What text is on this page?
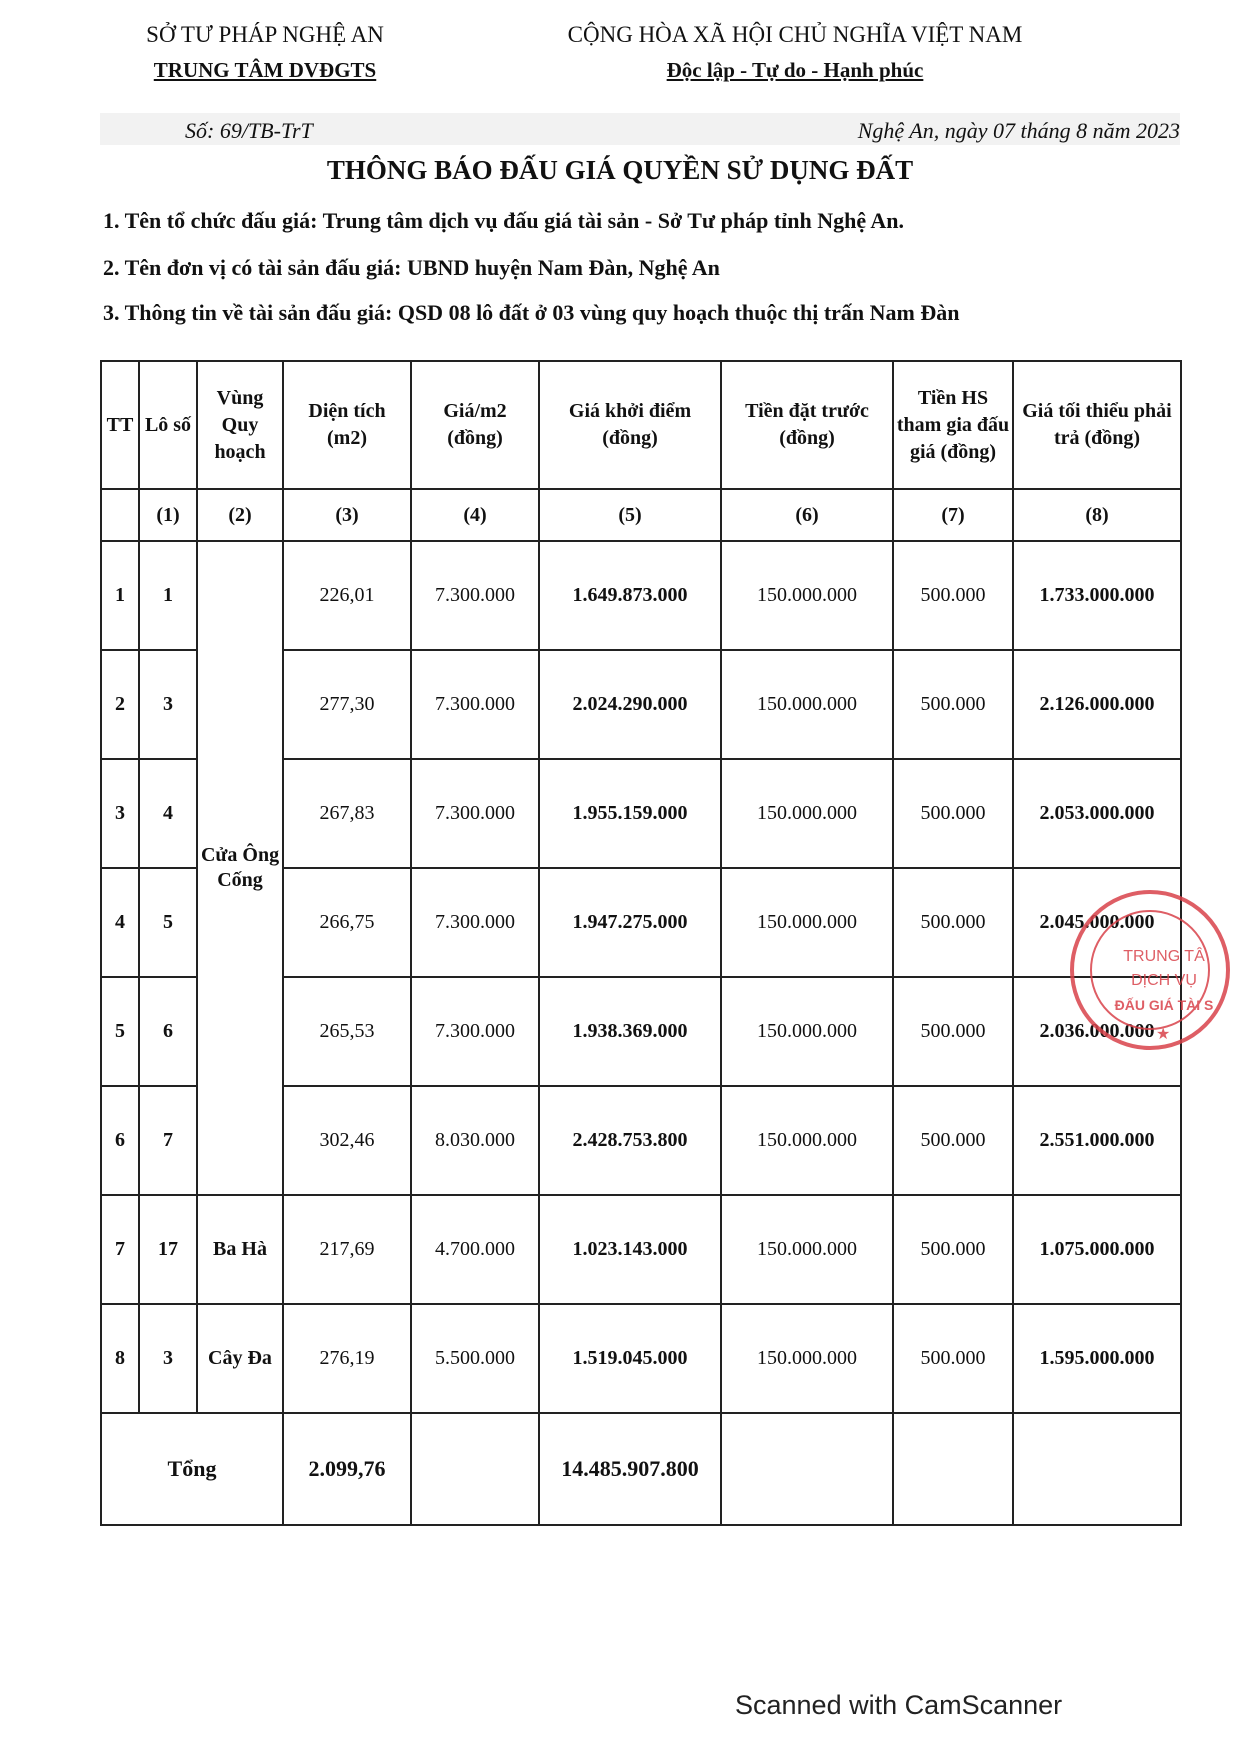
SỞ TƯ PHÁP NGHỆ AN
TRUNG TÂM DVĐGTS
CỘNG HÒA XÃ HỘI CHỦ NGHĨA VIỆT NAM
Độc lập - Tự do - Hạnh phúc
Số: 69/TB-TrT	Nghệ An, ngày 07 tháng 8 năm 2023
THÔNG BÁO ĐẤU GIÁ QUYỀN SỬ DỤNG ĐẤT
1. Tên tổ chức đấu giá: Trung tâm dịch vụ đấu giá tài sản - Sở Tư pháp tỉnh Nghệ An.
2. Tên đơn vị có tài sản đấu giá: UBND huyện Nam Đàn, Nghệ An
3. Thông tin về tài sản đấu giá: QSD 08 lô đất ở 03 vùng quy hoạch thuộc thị trấn Nam Đàn
TT	Lô số	Vùng Quy hoạch	Diện tích (m2)	Giá/m2 (đồng)	Giá khởi điểm (đồng)	Tiền đặt trước (đồng)	Tiền HS tham gia đấu giá (đồng)	Giá tối thiểu phải trả (đồng)
	(1)	(2)	(3)	(4)	(5)	(6)	(7)	(8)
1	1	Cửa Ông Cống	226,01	7.300.000	1.649.873.000	150.000.000	500.000	1.733.000.000
2	3		277,30	7.300.000	2.024.290.000	150.000.000	500.000	2.126.000.000
3	4		267,83	7.300.000	1.955.159.000	150.000.000	500.000	2.053.000.000
4	5		266,75	7.300.000	1.947.275.000	150.000.000	500.000	2.045.000.000
5	6		265,53	7.300.000	1.938.369.000	150.000.000	500.000	2.036.000.000
6	7		302,46	8.030.000	2.428.753.800	150.000.000	500.000	2.551.000.000
7	17	Ba Hà	217,69	4.700.000	1.023.143.000	150.000.000	500.000	1.075.000.000
8	3	Cây Đa	276,19	5.500.000	1.519.045.000	150.000.000	500.000	1.595.000.000
Tổng			2.099,76		14.485.907.800			
TRUNG TÂ
DỊCH VỤ
ĐẤU GIÁ TÀI S
★
Scanned with CamScanner
